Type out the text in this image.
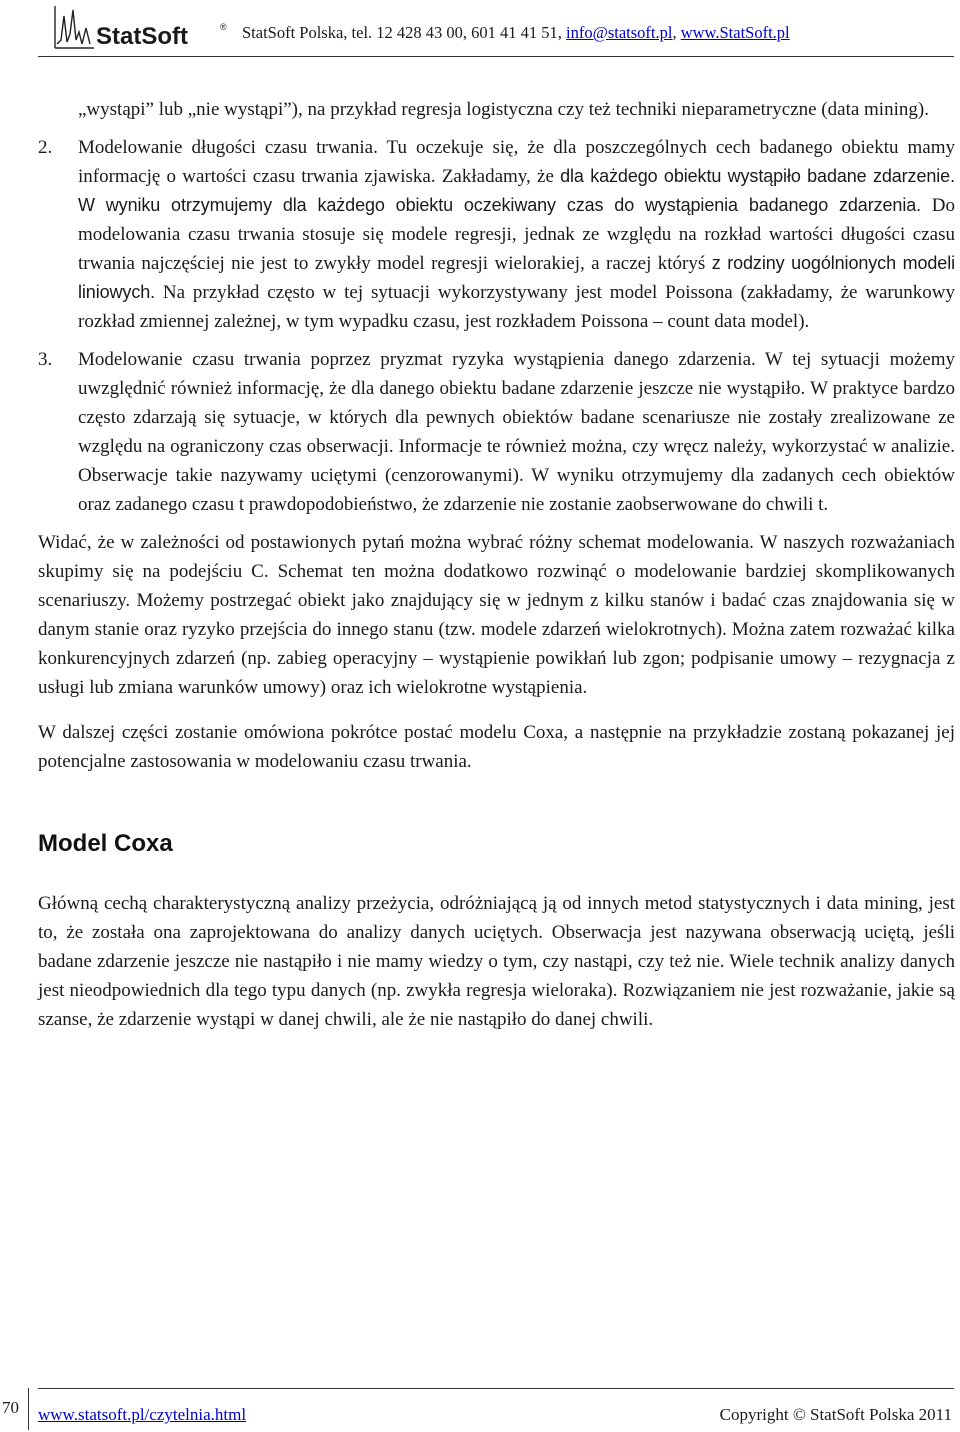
StatSoft	® StatSoft Polska, tel. 12 428 43 00, 601 41 41 51, info@statsoft.pl, www.StatSoft.pl

„wystąpi” lub „nie wystąpi”), na przykład regresja logistyczna czy też techniki nieparametryczne (data mining).

2. Modelowanie długości czasu trwania. Tu oczekuje się, że dla poszczególnych cech badanego obiektu mamy informację o wartości czasu trwania zjawiska. Zakładamy, że dla każdego obiektu wystąpiło badane zdarzenie. W wyniku otrzymujemy dla każdego obiektu oczekiwany czas do wystąpienia badanego zdarzenia. Do modelowania czasu trwania stosuje się modele regresji, jednak ze względu na rozkład wartości długości czasu trwania najczęściej nie jest to zwykły model regresji wielorakiej, a raczej któryś z rodziny uogólnionych modeli liniowych. Na przykład często w tej sytuacji wykorzystywany jest model Poissona (zakładamy, że warunkowy rozkład zmiennej zależnej, w tym wypadku czasu, jest rozkładem Poissona – count data model).

3. Modelowanie czasu trwania poprzez pryzmat ryzyka wystąpienia danego zdarzenia. W tej sytuacji możemy uwzględnić również informację, że dla danego obiektu badane zdarzenie jeszcze nie wystąpiło. W praktyce bardzo często zdarzają się sytuacje, w których dla pewnych obiektów badane scenariusze nie zostały zrealizowane ze względu na ograniczony czas obserwacji. Informacje te również można, czy wręcz należy, wykorzystać w analizie. Obserwacje takie nazywamy uciętymi (cenzorowanymi). W wyniku otrzymujemy dla zadanych cech obiektów oraz zadanego czasu t prawdopodobieństwo, że zdarzenie nie zostanie zaobserwowane do chwili t.

Widać, że w zależności od postawionych pytań można wybrać różny schemat modelowania. W naszych rozważaniach skupimy się na podejściu C. Schemat ten można dodatkowo rozwinąć o modelowanie bardziej skomplikowanych scenariuszy. Możemy postrzegać obiekt jako znajdujący się w jednym z kilku stanów i badać czas znajdowania się w danym stanie oraz ryzyko przejścia do innego stanu (tzw. modele zdarzeń wielokrotnych). Można zatem rozważać kilka konkurencyjnych zdarzeń (np. zabieg operacyjny – wystąpienie powikłań lub zgon; podpisanie umowy – rezygnacja z usługi lub zmiana warunków umowy) oraz ich wielokrotne wystąpienia.

W dalszej części zostanie omówiona pokrótce postać modelu Coxa, a następnie na przykładzie zostaną pokazanej jej potencjalne zastosowania w modelowaniu czasu trwania.

Model Coxa

Główną cechą charakterystyczną analizy przeżycia, odróżniającą ją od innych metod statystycznych i data mining, jest to, że została ona zaprojektowana do analizy danych uciętych. Obserwacja jest nazywana obserwacją uciętą, jeśli badane zdarzenie jeszcze nie nastąpiło i nie mamy wiedzy o tym, czy nastąpi, czy też nie. Wiele technik analizy danych jest nieodpowiednich dla tego typu danych (np. zwykła regresja wieloraka). Rozwiązaniem nie jest rozważanie, jakie są szanse, że zdarzenie wystąpi w danej chwili, ale że nie nastąpiło do danej chwili.

70 www.statsoft.pl/czytelnia.html	Copyright © StatSoft Polska 2011
